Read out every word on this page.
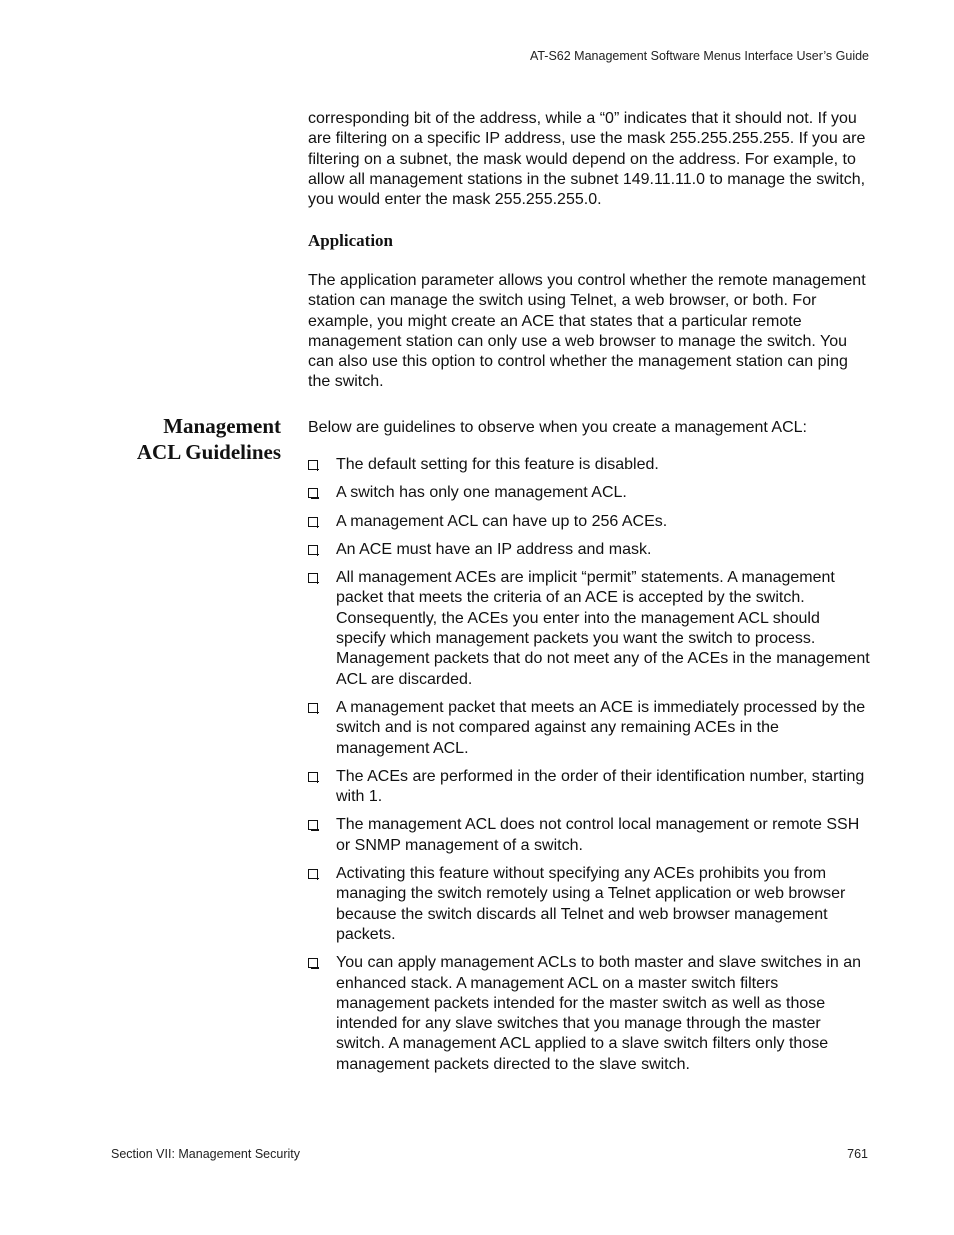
AT-S62 Management Software Menus Interface User’s Guide

corresponding bit of the address, while a “0” indicates that it should not. If you are filtering on a specific IP address, use the mask 255.255.255.255. If you are filtering on a subnet, the mask would depend on the address. For example, to allow all management stations in the subnet 149.11.11.0 to manage the switch, you would enter the mask 255.255.255.0.

Application

The application parameter allows you control whether the remote management station can manage the switch using Telnet, a web browser, or both. For example, you might create an ACE that states that a particular remote management station can only use a web browser to manage the switch. You can also use this option to control whether the management station can ping the switch.

Management
ACL Guidelines

Below are guidelines to observe when you create a management ACL:

The default setting for this feature is disabled.
A switch has only one management ACL.
A management ACL can have up to 256 ACEs.
An ACE must have an IP address and mask.
All management ACEs are implicit “permit” statements. A management packet that meets the criteria of an ACE is accepted by the switch. Consequently, the ACEs you enter into the management ACL should specify which management packets you want the switch to process. Management packets that do not meet any of the ACEs in the management ACL are discarded.
A management packet that meets an ACE is immediately processed by the switch and is not compared against any remaining ACEs in the management ACL.
The ACEs are performed in the order of their identification number, starting with 1.
The management ACL does not control local management or remote SSH or SNMP management of a switch.
Activating this feature without specifying any ACEs prohibits you from managing the switch remotely using a Telnet application or web browser because the switch discards all Telnet and web browser management packets.
You can apply management ACLs to both master and slave switches in an enhanced stack. A management ACL on a master switch filters management packets intended for the master switch as well as those intended for any slave switches that you manage through the master switch. A management ACL applied to a slave switch filters only those management packets directed to the slave switch.
Section VII: Management Security	761
